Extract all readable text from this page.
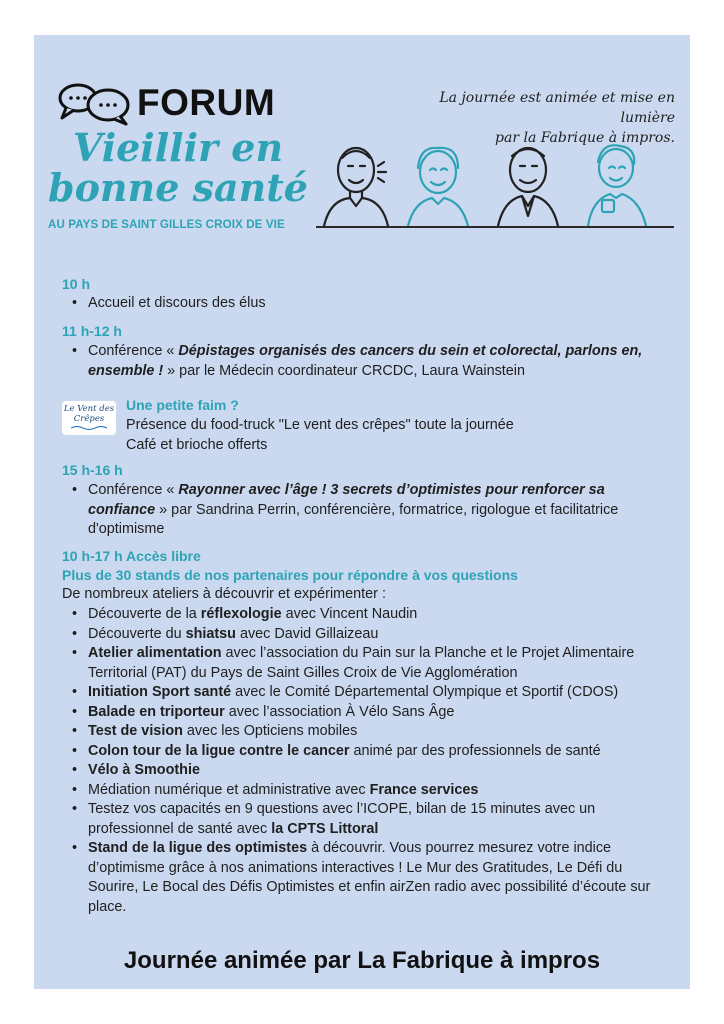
FORUM
Vieillir en
bonne santé
AU PAYS DE SAINT GILLES CROIX DE VIE
La journée est animée et mise en lumière
par la Fabrique à impros.
10 h
• Accueil et discours des élus
11 h-12 h
• Conférence « Dépistages organisés des cancers du sein et colorectal, parlons en, ensemble ! » par le Médecin coordinateur CRCDC, Laura Wainstein
Le Vent des
Crêpes
Une petite faim ?
Présence du food-truck "Le vent des crêpes" toute la journée
Café et brioche offerts
15 h-16 h
• Conférence « Rayonner avec l’âge ! 3 secrets d’optimistes pour renforcer sa confiance » par Sandrina Perrin, conférencière, formatrice, rigologue et facilitatrice d'optimisme
10 h-17 h Accès libre
Plus de 30 stands de nos partenaires pour répondre à vos questions
De nombreux ateliers à découvrir et expérimenter :
• Découverte de la réflexologie avec Vincent Naudin
• Découverte du shiatsu avec David Gillaizeau
• Atelier alimentation avec l’association du Pain sur la Planche et le Projet Alimentaire Territorial (PAT) du Pays de Saint Gilles Croix de Vie Agglomération
• Initiation Sport santé avec le Comité Départemental Olympique et Sportif (CDOS)
• Balade en triporteur avec l’association À Vélo Sans Âge
• Test de vision avec les Opticiens mobiles
• Colon tour de la ligue contre le cancer animé par des professionnels de santé
• Vélo à Smoothie
• Médiation numérique et administrative avec France services
• Testez vos capacités en 9 questions avec l’ICOPE, bilan de 15 minutes avec un professionnel de santé avec la CPTS Littoral
• Stand de la ligue des optimistes à découvrir. Vous pourrez mesurez votre indice d’optimisme grâce à nos animations interactives ! Le Mur des Gratitudes, Le Défi du Sourire, Le Bocal des Défis Optimistes et enfin airZen radio avec possibilité d’écoute sur place.
Journée animée par La Fabrique à impros
